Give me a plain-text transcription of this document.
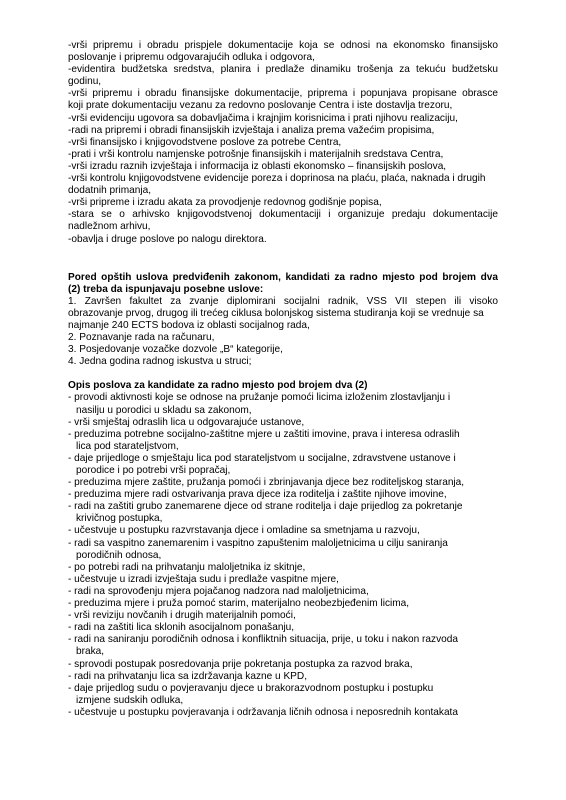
-vrši pripremu i obradu prispjele dokumentacije koja se odnosi na ekonomsko finansijsko
poslovanje i pripremu odgovarajućih odluka i odgovora,
-evidentira budžetska sredstva, planira i predlaže dinamiku trošenja za tekuću budžetsku
godinu,
-vrši pripremu i obradu finansijske dokumentacije, priprema i popunjava propisane obrasce
koji prate dokumentaciju vezanu za redovno poslovanje Centra i iste dostavlja trezoru,
-vrši evidenciju ugovora sa dobavljačima i krajnjim korisnicima i prati njihovu realizaciju,
-radi na pripremi i obradi finansijskih izvještaja i analiza prema važećim propisima,
-vrši finansijsko i knjigovodstvene poslove za potrebe Centra,
-prati i vrši kontrolu namjenske potrošnje finansijskih i materijalnih sredstava Centra,
-vrši izradu raznih izvještaja i informacija iz oblasti ekonomsko – finansijskih poslova,
-vrši kontrolu knjigovodstvene evidencije poreza i doprinosa na plaću, plaća, naknada i drugih
dodatnih primanja,
-vrši pripreme i izradu akata za provodjenje redovnog godišnje popisa,
-stara se o arhivsko knjigovodstvenoj dokumentaciji i organizuje predaju dokumentacije
nadležnom arhivu,
-obavlja i druge poslove po nalogu direktora.
Pored opštih uslova predviđenih zakonom, kandidati za radno mjesto pod brojem dva
(2) treba da ispunjavaju posebne uslove:
1. Završen fakultet za zvanje diplomirani socijalni radnik, VSS VII stepen ili visoko
obrazovanje prvog, drugog ili trećeg ciklusa bolonjskog sistema studiranja koji se vrednuje sa
najmanje 240 ECTS bodova iz oblasti socijalnog rada,
2. Poznavanje rada na računaru,
3. Posjedovanje vozačke dozvole „B“ kategorije,
4. Jedna godina radnog iskustva u struci;
Opis poslova za kandidate za radno mjesto pod brojem dva (2)
- provodi aktivnosti koje se odnose na pružanje pomoći licima izloženim zlostavljanju i
nasilju u porodici u skladu sa zakonom,
- vrši smještaj odraslih lica u odgovarajuće ustanove,
- preduzima potrebne socijalno-zaštitne mjere u zaštiti imovine, prava i interesa odraslih
lica pod starateljstvom,
- daje prijedloge o smještaju lica pod starateljstvom u socijalne, zdravstvene ustanove i
porodice i po potrebi vrši popračaj,
- preduzima mjere zaštite, pružanja pomoći i zbrinjavanja djece bez roditeljskog staranja,
- preduzima mjere radi ostvarivanja prava djece iza roditelja i zaštite njihove imovine,
- radi na zaštiti grubo zanemarene djece od strane roditelja i daje prijedlog za pokretanje
krivičnog postupka,
- učestvuje u postupku razvrstavanja djece i omladine sa smetnjama u razvoju,
- radi sa vaspitno zanemarenim i vaspitno zapuštenim maloljetnicima u cilju saniranja
porodičnih odnosa,
- po potrebi radi na prihvatanju maloljetnika iz skitnje,
- učestvuje u izradi izvještaja sudu i predlaže vaspitne mjere,
- radi na sprovođenju mjera pojačanog nadzora nad maloljetnicima,
- preduzima mjere i pruža pomoć starim, materijalno neobezbjeđenim licima,
- vrši reviziju novčanih i drugih materijalnih pomoći,
- radi na zaštiti lica sklonih asocijalnom ponašanju,
- radi na saniranju porodičnih odnosa i konfliktnih situacija, prije, u toku i nakon razvoda
braka,
- sprovodi postupak posredovanja prije pokretanja postupka za razvod braka,
- radi na prihvatanju lica sa izdržavanja kazne u KPD,
- daje prijedlog sudu o povjeravanju djece u brakorazvodnom postupku i postupku
izmjene sudskih odluka,
- učestvuje u postupku povjeravanja i održavanja ličnih odnosa i neposrednih kontakata
